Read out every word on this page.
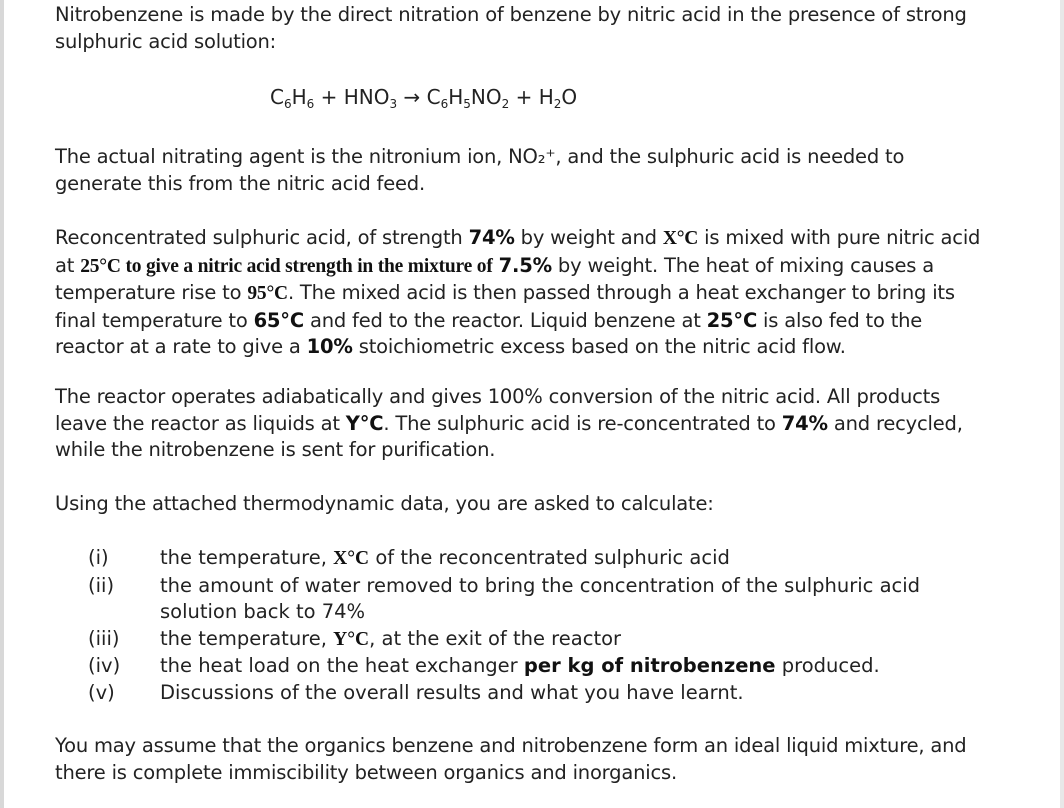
Nitrobenzene is made by the direct nitration of benzene by nitric acid in the presence of strong sulphuric acid solution:

$C_6H_6 + HNO_3 \to C_6H_5NO_2 + H_2O$

The actual nitrating agent is the nitronium ion, NO₂⁺, and the sulphuric acid is needed to generate this from the nitric acid feed.

Reconcentrated sulphuric acid, of strength 74% by weight and X°C is mixed with pure nitric acid at 25°C to give a nitric acid strength in the mixture of 7.5% by weight. The heat of mixing causes a temperature rise to 95°C. The mixed acid is then passed through a heat exchanger to bring its final temperature to 65°C and fed to the reactor. Liquid benzene at 25°C is also fed to the reactor at a rate to give a 10% stoichiometric excess based on the nitric acid flow.

The reactor operates adiabatically and gives 100% conversion of the nitric acid. All products leave the reactor as liquids at Y°C. The sulphuric acid is re-concentrated to 74% and recycled, while the nitrobenzene is sent for purification.

Using the attached thermodynamic data, you are asked to calculate:

(i)	the temperature, X°C of the reconcentrated sulphuric acid
(ii)	the amount of water removed to bring the concentration of the sulphuric acid solution back to 74%
(iii)	the temperature, Y°C, at the exit of the reactor
(iv)	the heat load on the heat exchanger per kg of nitrobenzene produced.
(v)	Discussions of the overall results and what you have learnt.

You may assume that the organics benzene and nitrobenzene form an ideal liquid mixture, and there is complete immiscibility between organics and inorganics.
